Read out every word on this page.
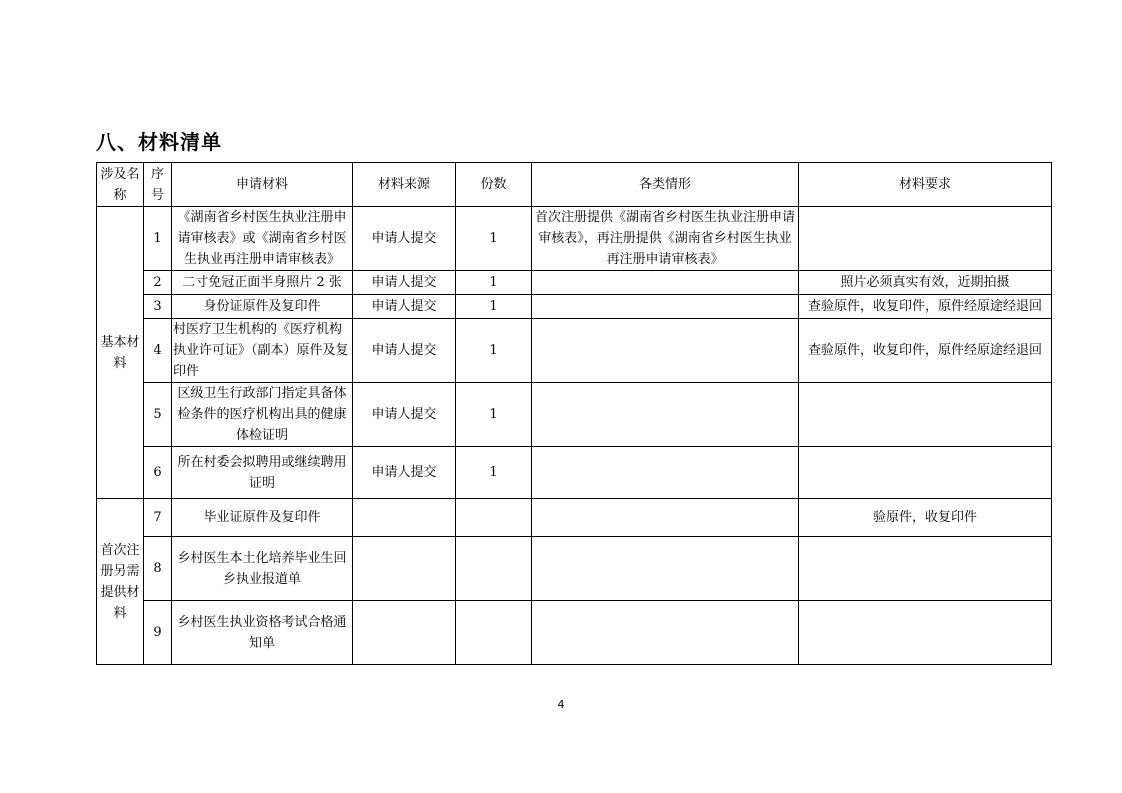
八、材料清单
涉及名称	序号	申请材料	材料来源	份数	各类情形	材料要求
基本材料	1	《湖南省乡村医生执业注册申请审核表》或《湖南省乡村医生执业再注册申请审核表》	申请人提交	1	首次注册提供《湖南省乡村医生执业注册申请审核表》，再注册提供《湖南省乡村医生执业再注册申请审核表》	
	2	二寸免冠正面半身照片 2 张	申请人提交	1		照片必须真实有效，近期拍摄
	3	身份证原件及复印件	申请人提交	1		查验原件，收复印件，原件经原途经退回
	4	村医疗卫生机构的《医疗机构执业许可证》（副本）原件及复印件	申请人提交	1		查验原件，收复印件，原件经原途经退回
	5	区级卫生行政部门指定具备体检条件的医疗机构出具的健康体检证明	申请人提交	1		
	6	所在村委会拟聘用或继续聘用证明	申请人提交	1		
首次注册另需提供材料	7	毕业证原件及复印件				验原件，收复印件
	8	乡村医生本土化培养毕业生回乡执业报道单				
	9	乡村医生执业资格考试合格通知单				
4
